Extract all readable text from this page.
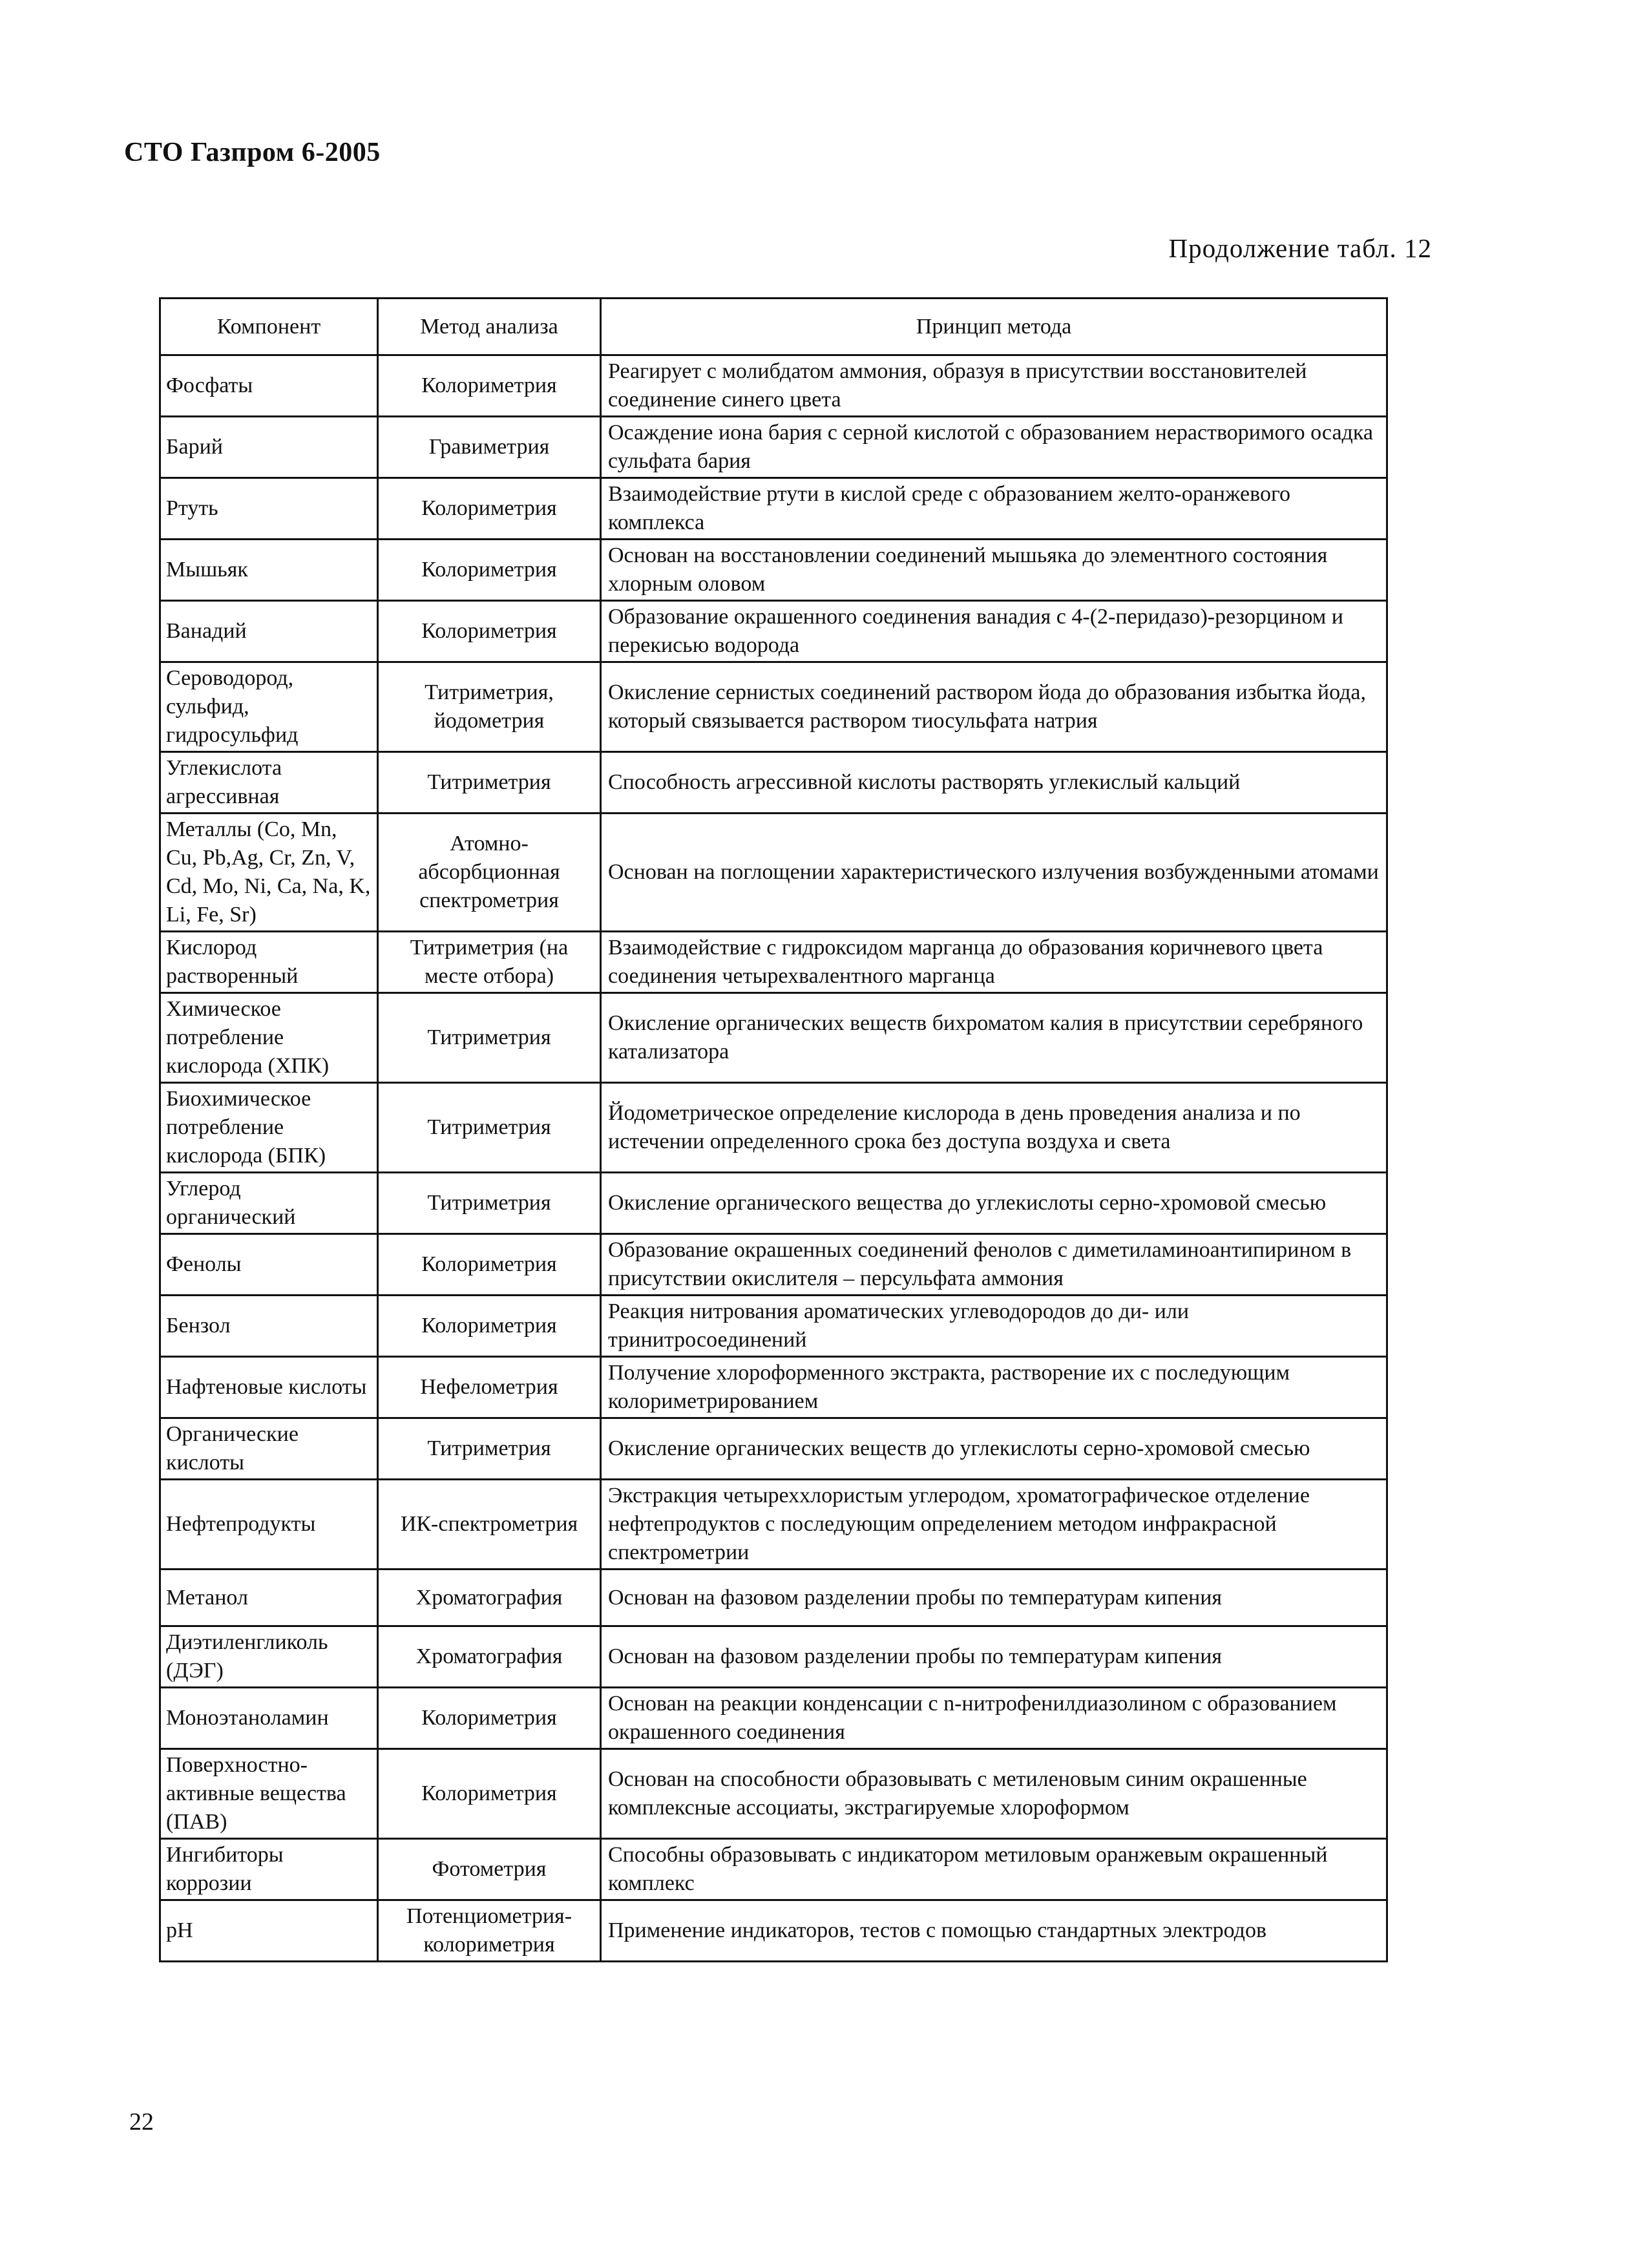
СТО Газпром 6-2005
Продолжение табл. 12
Компонент	Метод анализа	Принцип метода
Фосфаты	Колориметрия	Реагирует с молибдатом аммония, образуя в присутствии восстановителей соединение синего цвета
Барий	Гравиметрия	Осаждение иона бария с серной кислотой с образованием нерастворимого осадка сульфата бария
Ртуть	Колориметрия	Взаимодействие ртути в кислой среде с образованием желто-оранжевого комплекса
Мышьяк	Колориметрия	Основан на восстановлении соединений мышьяка до элементного состояния хлорным оловом
Ванадий	Колориметрия	Образование окрашенного соединения ванадия с 4-(2-перидазо)-резорцином и перекисью водорода
Сероводород, сульфид, гидросульфид	Титриметрия, йодометрия	Окисление сернистых соединений раствором йода до образования избытка йода, который связывается раствором тиосульфата натрия
Углекислота агрессивная	Титриметрия	Способность агрессивной кислоты растворять углекислый кальций
Металлы (Co, Mn, Cu, Pb,Ag, Cr, Zn, V, Cd, Mo, Ni, Ca, Na, K, Li, Fe, Sr)	Атомно-абсорбционная спектрометрия	Основан на поглощении характеристического излучения возбужденными атомами
Кислород растворенный	Титриметрия (на месте отбора)	Взаимодействие с гидроксидом марганца до образования коричневого цвета соединения четырехвалентного марганца
Химическое потребление кислорода (ХПК)	Титриметрия	Окисление органических веществ бихроматом калия в присутствии серебряного катализатора
Биохимическое потребление кислорода (БПК)	Титриметрия	Йодометрическое определение кислорода в день проведения анализа и по истечении определенного срока без доступа воздуха и света
Углерод органический	Титриметрия	Окисление органического вещества до углекислоты серно-хромовой смесью
Фенолы	Колориметрия	Образование окрашенных соединений фенолов с диметиламиноантипирином в присутствии окислителя – персульфата аммония
Бензол	Колориметрия	Реакция нитрования ароматических углеводородов до ди- или тринитросоединений
Нафтеновые кислоты	Нефелометрия	Получение хлороформенного экстракта, растворение их с последующим колориметрированием
Органические кислоты	Титриметрия	Окисление органических веществ до углекислоты серно-хромовой смесью
Нефтепродукты	ИК-спектрометрия	Экстракция четыреххлористым углеродом, хроматографическое отделение нефтепродуктов с последующим определением методом инфракрасной спектрометрии
Метанол	Хроматография	Основан на фазовом разделении пробы по температурам кипения
Диэтиленгликоль (ДЭГ)	Хроматография	Основан на фазовом разделении пробы по температурам кипения
Моноэтаноламин	Колориметрия	Основан на реакции конденсации с n-нитрофенилдиазолином с образованием окрашенного соединения
Поверхностно-активные вещества (ПАВ)	Колориметрия	Основан на способности образовывать с метиленовым синим окрашенные комплексные ассоциаты, экстрагируемые хлороформом
Ингибиторы коррозии	Фотометрия	Способны образовывать с индикатором метиловым оранжевым окрашенный комплекс
pH	Потенциометрия-колориметрия	Применение индикаторов, тестов с помощью стандартных электродов
22
